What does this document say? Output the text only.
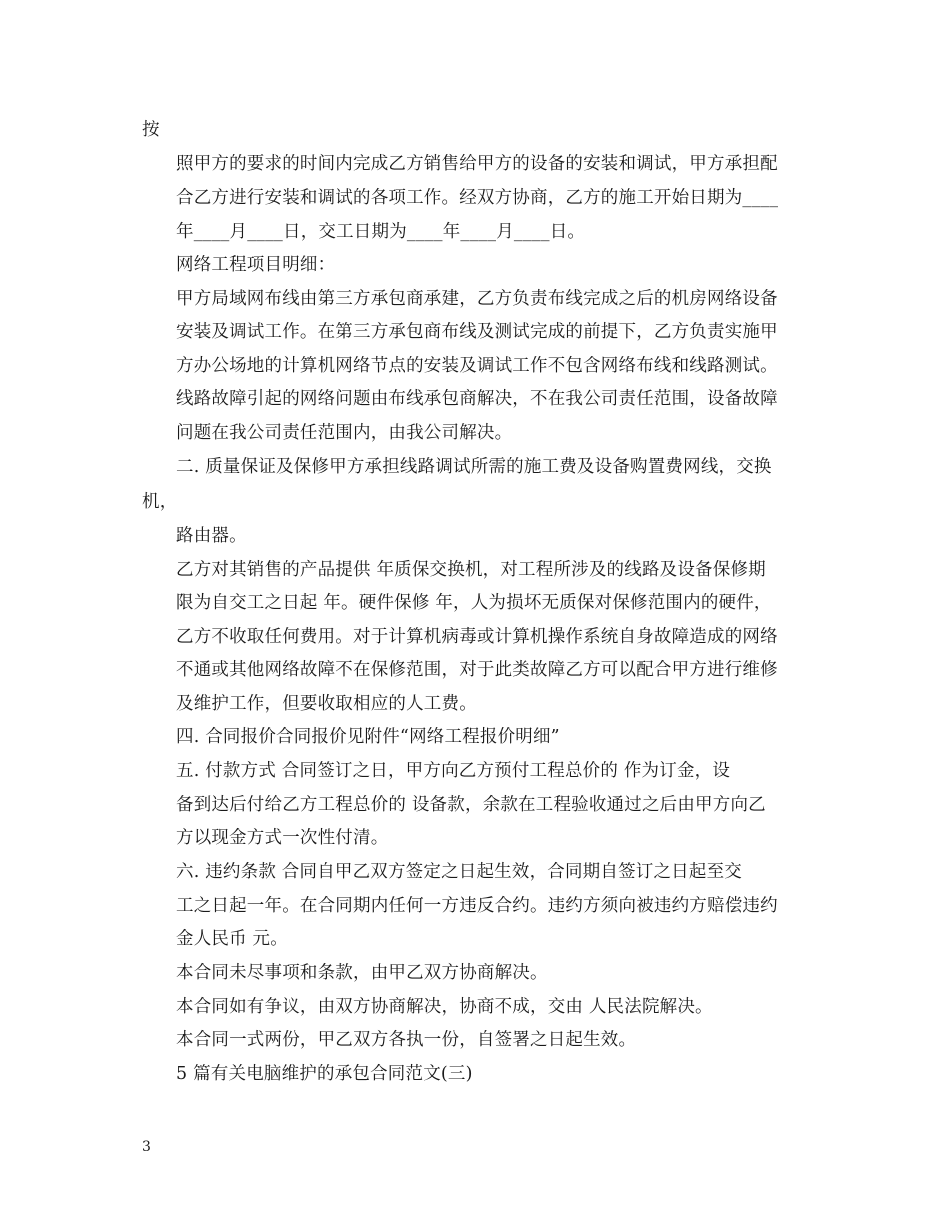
按
照甲方的要求的时间内完成乙方销售给甲方的设备的安装和调试，甲方承担配
合乙方进行安装和调试的各项工作。经双方协商，乙方的施工开始日期为____
年____月____日，交工日期为____年____月____日。
网络工程项目明细：
甲方局域网布线由第三方承包商承建，乙方负责布线完成之后的机房网络设备
安装及调试工作。在第三方承包商布线及测试完成的前提下，乙方负责实施甲
方办公场地的计算机网络节点的安装及调试工作不包含网络布线和线路测试。
线路故障引起的网络问题由布线承包商解决，不在我公司责任范围，设备故障
问题在我公司责任范围内，由我公司解决。
二. 质量保证及保修甲方承担线路调试所需的施工费及设备购置费网线，交换
机，
路由器。
乙方对其销售的产品提供 年质保交换机，对工程所涉及的线路及设备保修期
限为自交工之日起 年。硬件保修 年，人为损坏无质保对保修范围内的硬件，
乙方不收取任何费用。对于计算机病毒或计算机操作系统自身故障造成的网络
不通或其他网络故障不在保修范围，对于此类故障乙方可以配合甲方进行维修
及维护工作，但要收取相应的人工费。
四. 合同报价合同报价见附件“网络工程报价明细”
五. 付款方式 合同签订之日，甲方向乙方预付工程总价的 作为订金，设
备到达后付给乙方工程总价的 设备款，余款在工程验收通过之后由甲方向乙
方以现金方式一次性付清。
六. 违约条款 合同自甲乙双方签定之日起生效，合同期自签订之日起至交
工之日起一年。在合同期内任何一方违反合约。违约方须向被违约方赔偿违约
金人民币 元。
本合同未尽事项和条款，由甲乙双方协商解决。
本合同如有争议，由双方协商解决，协商不成，交由 人民法院解决。
本合同一式两份，甲乙双方各执一份，自签署之日起生效。
5 篇有关电脑维护的承包合同范文(三)
3
